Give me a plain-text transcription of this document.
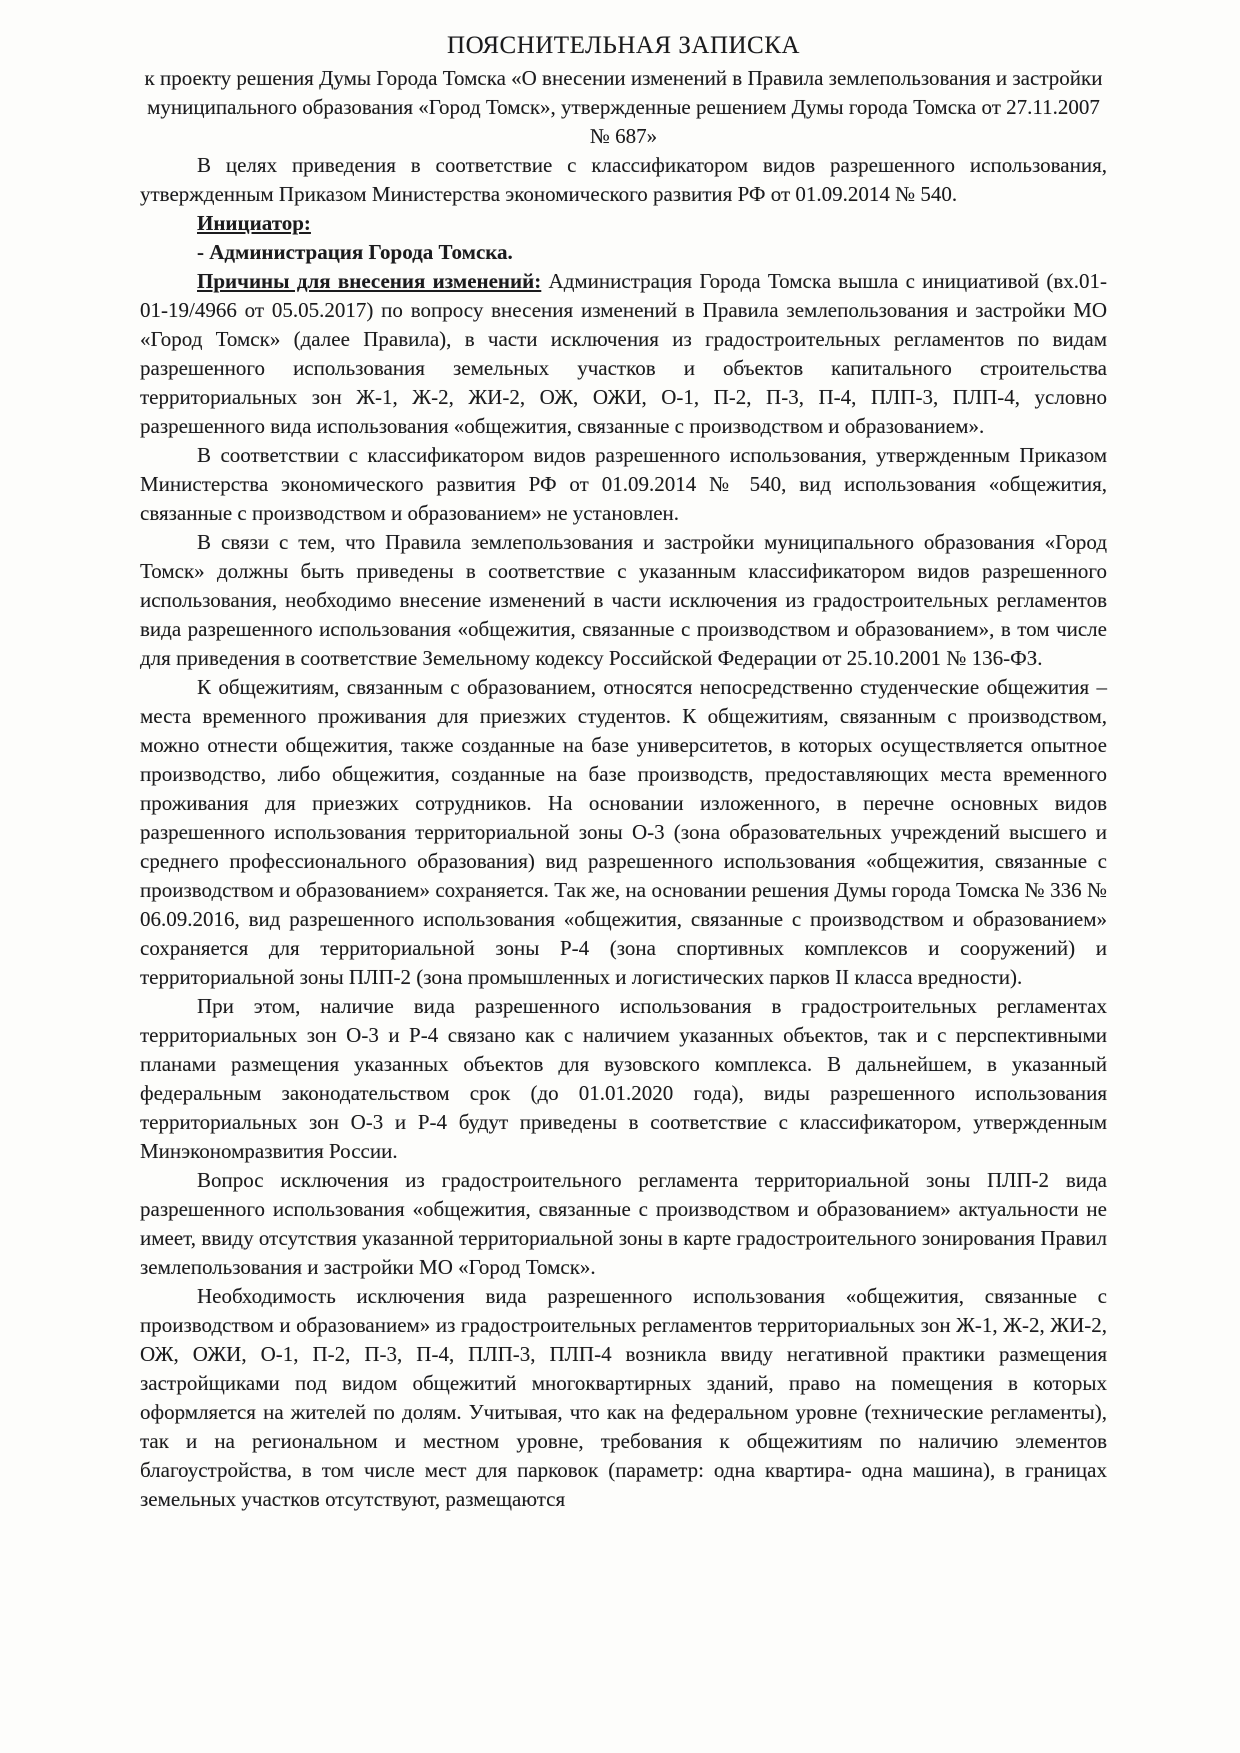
ПОЯСНИТЕЛЬНАЯ ЗАПИСКА

к проекту решения Думы Города Томска «О внесении изменений в Правила землепользования и застройки муниципального образования «Город Томск», утвержденные решением Думы города Томска от 27.11.2007 № 687»

В целях приведения в соответствие с классификатором видов разрешенного использования, утвержденным Приказом Министерства экономического развития РФ от 01.09.2014 № 540.

Инициатор:

- Администрация Города Томска.

Причины для внесения изменений: Администрация Города Томска вышла с инициативой (вх.01-01-19/4966 от 05.05.2017) по вопросу внесения изменений в Правила землепользования и застройки МО «Город Томск» (далее Правила), в части исключения из градостроительных регламентов по видам разрешенного использования земельных участков и объектов капитального строительства территориальных зон Ж-1, Ж-2, ЖИ-2, ОЖ, ОЖИ, О-1, П-2, П-3, П-4, ПЛП-3, ПЛП-4, условно разрешенного вида использования «общежития, связанные с производством и образованием».

В соответствии с классификатором видов разрешенного использования, утвержденным Приказом Министерства экономического развития РФ от 01.09.2014 № 540, вид использования «общежития, связанные с производством и образованием» не установлен.

В связи с тем, что Правила землепользования и застройки муниципального образования «Город Томск» должны быть приведены в соответствие с указанным классификатором видов разрешенного использования, необходимо внесение изменений в части исключения из градостроительных регламентов вида разрешенного использования «общежития, связанные с производством и образованием», в том числе для приведения в соответствие Земельному кодексу Российской Федерации от 25.10.2001 № 136-ФЗ.

К общежитиям, связанным с образованием, относятся непосредственно студенческие общежития – места временного проживания для приезжих студентов. К общежитиям, связанным с производством, можно отнести общежития, также созданные на базе университетов, в которых осуществляется опытное производство, либо общежития, созданные на базе производств, предоставляющих места временного проживания для приезжих сотрудников. На основании изложенного, в перечне основных видов разрешенного использования территориальной зоны О-3 (зона образовательных учреждений высшего и среднего профессионального образования) вид разрешенного использования «общежития, связанные с производством и образованием» сохраняется. Так же, на основании решения Думы города Томска № 336 № 06.09.2016, вид разрешенного использования «общежития, связанные с производством и образованием» сохраняется для территориальной зоны Р-4 (зона спортивных комплексов и сооружений) и территориальной зоны ПЛП-2 (зона промышленных и логистических парков II класса вредности).

При этом, наличие вида разрешенного использования в градостроительных регламентах территориальных зон О-3 и Р-4 связано как с наличием указанных объектов, так и с перспективными планами размещения указанных объектов для вузовского комплекса. В дальнейшем, в указанный федеральным законодательством срок (до 01.01.2020 года), виды разрешенного использования территориальных зон О-3 и Р-4 будут приведены в соответствие с классификатором, утвержденным Минэкономразвития России.

Вопрос исключения из градостроительного регламента территориальной зоны ПЛП-2 вида разрешенного использования «общежития, связанные с производством и образованием» актуальности не имеет, ввиду отсутствия указанной территориальной зоны в карте градостроительного зонирования Правил землепользования и застройки МО «Город Томск».

Необходимость исключения вида разрешенного использования «общежития, связанные с производством и образованием» из градостроительных регламентов территориальных зон Ж-1, Ж-2, ЖИ-2, ОЖ, ОЖИ, О-1, П-2, П-3, П-4, ПЛП-3, ПЛП-4 возникла ввиду негативной практики размещения застройщиками под видом общежитий многоквартирных зданий, право на помещения в которых оформляется на жителей по долям. Учитывая, что как на федеральном уровне (технические регламенты), так и на региональном и местном уровне, требования к общежитиям по наличию элементов благоустройства, в том числе мест для парковок (параметр: одна квартира- одна машина), в границах земельных участков отсутствуют, размещаются
